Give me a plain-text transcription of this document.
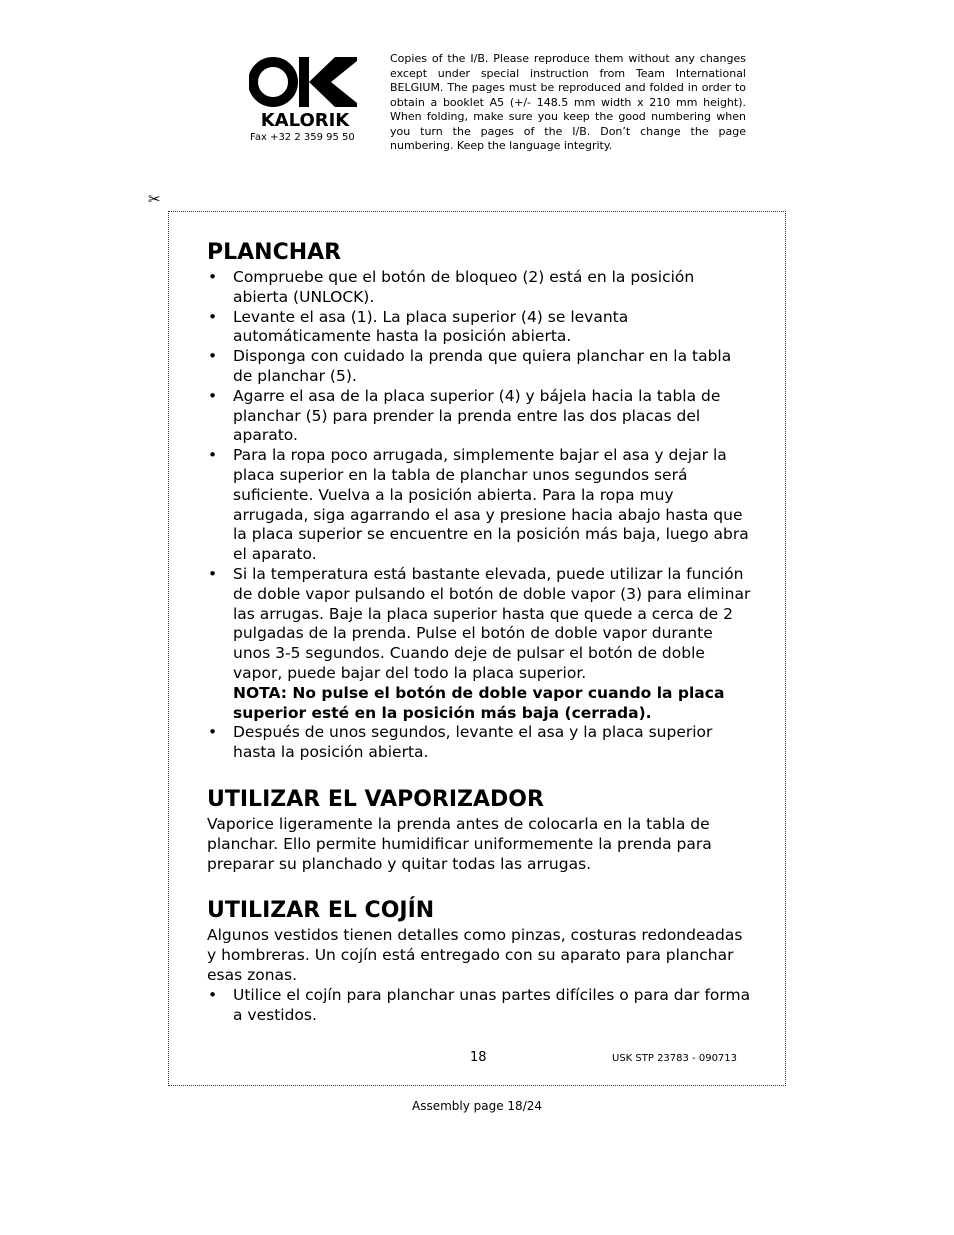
KALORIK
Fax +32 2 359 95 50
Copies of the I/B. Please reproduce them without any changes except under special instruction from Team International BELGIUM. The pages must be reproduced and folded in order to obtain a booklet A5 (+/- 148.5 mm width x 210 mm height). When folding, make sure you keep the good numbering when you turn the pages of the I/B. Don’t change the page numbering. Keep the language integrity.
✂
PLANCHAR
• Compruebe que el botón de bloqueo (2) está en la posición abierta (UNLOCK).
• Levante el asa (1). La placa superior (4) se levanta automáticamente hasta la posición abierta.
• Disponga con cuidado la prenda que quiera planchar en la tabla de planchar (5).
• Agarre el asa de la placa superior (4) y bájela hacia la tabla de planchar (5) para prender la prenda entre las dos placas del aparato.
• Para la ropa poco arrugada, simplemente bajar el asa y dejar la placa superior en la tabla de planchar unos segundos será suficiente. Vuelva a la posición abierta. Para la ropa muy arrugada, siga agarrando el asa y presione hacia abajo hasta que la placa superior se encuentre en la posición más baja, luego abra el aparato.
• Si la temperatura está bastante elevada, puede utilizar la función de doble vapor pulsando el botón de doble vapor (3) para eliminar las arrugas. Baje la placa superior hasta que quede a cerca de 2 pulgadas de la prenda. Pulse el botón de doble vapor durante unos 3-5 segundos. Cuando deje de pulsar el botón de doble vapor, puede bajar del todo la placa superior.
NOTA: No pulse el botón de doble vapor cuando la placa superior esté en la posición más baja (cerrada).
• Después de unos segundos, levante el asa y la placa superior hasta la posición abierta.
UTILIZAR EL VAPORIZADOR

Vaporice ligeramente la prenda antes de colocarla en la tabla de planchar. Ello permite humidificar uniformemente la prenda para preparar su planchado y quitar todas las arrugas.

UTILIZAR EL COJÍN

Algunos vestidos tienen detalles como pinzas, costuras redondeadas y hombreras. Un cojín está entregado con su aparato para planchar esas zonas.

• Utilice el cojín para planchar unas partes difíciles o para dar forma a vestidos.
18	USK STP 23783 - 090713
Assembly page 18/24
